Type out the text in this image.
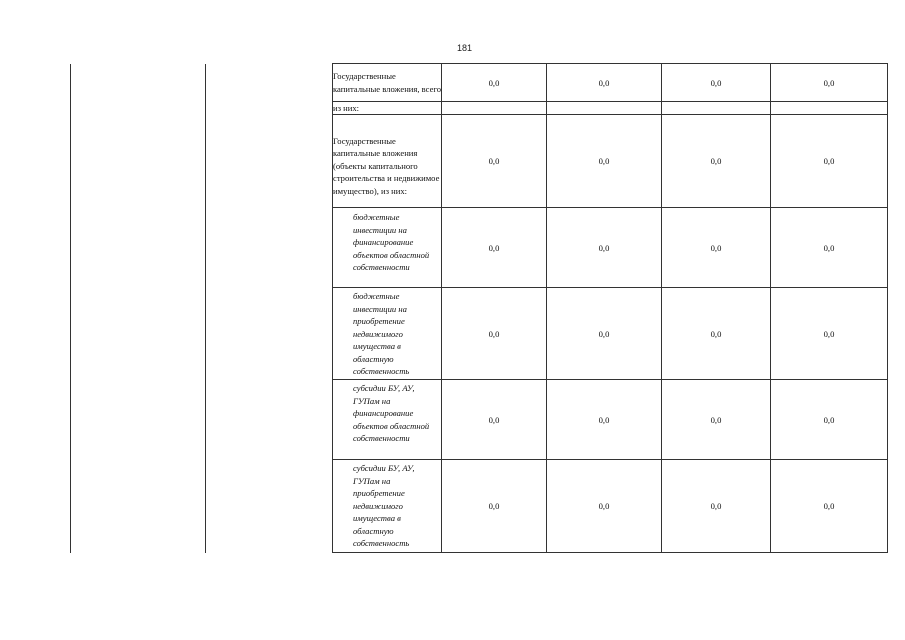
181
Государственные капитальные вложения, всего	0,0	0,0	0,0	0,0
из них:				
Государственные капитальные вложения (объекты капитального строительства и недвижимое имущество), из них:	0,0	0,0	0,0	0,0
бюджетные инвестиции на финансирование объектов областной собственности	0,0	0,0	0,0	0,0
бюджетные инвестиции на приобретение недвижимого имущества в областную собственность	0,0	0,0	0,0	0,0
субсидии БУ, АУ, ГУПам на финансирование объектов областной собственности	0,0	0,0	0,0	0,0
субсидии БУ, АУ, ГУПам на приобретение недвижимого имущества в областную собственность	0,0	0,0	0,0	0,0
